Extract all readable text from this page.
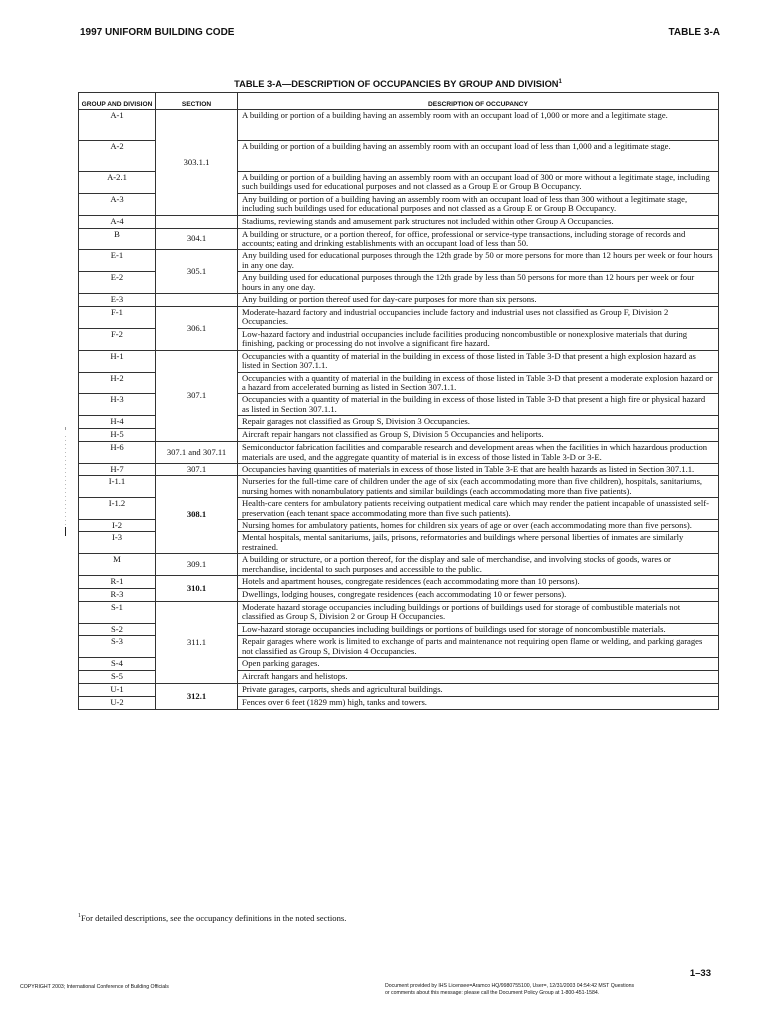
1997 UNIFORM BUILDING CODE	TABLE 3-A
TABLE 3-A—DESCRIPTION OF OCCUPANCIES BY GROUP AND DIVISION$^1$
GROUP AND DIVISION	SECTION	DESCRIPTION OF OCCUPANCY
A-1	303.1.1	A building or portion of a building having an assembly room with an occupant load of 1,000 or more and a legitimate stage.
A-2		A building or portion of a building having an assembly room with an occupant load of less than 1,000 and a legitimate stage.
A-2.1		A building or portion of a building having an assembly room with an occupant load of 300 or more without a legitimate stage, including such buildings used for educational purposes and not classed as a Group E or Group B Occupancy.
A-3		Any building or portion of a building having an assembly room with an occupant load of less than 300 without a legitimate stage, including such buildings used for educational purposes and not classed as a Group E or Group B Occupancy.
A-4		Stadiums, reviewing stands and amusement park structures not included within other Group A Occupancies.
B	304.1	A building or structure, or a portion thereof, for office, professional or service-type transactions, including storage of records and accounts; eating and drinking establishments with an occupant load of less than 50.
E-1	305.1	Any building used for educational purposes through the 12th grade by 50 or more persons for more than 12 hours per week or four hours in any one day.
E-2		Any building used for educational purposes through the 12th grade by less than 50 persons for more than 12 hours per week or four hours in any one day.
E-3		Any building or portion thereof used for day-care purposes for more than six persons.
F-1	306.1	Moderate-hazard factory and industrial occupancies include factory and industrial uses not classified as Group F, Division 2 Occupancies.
F-2		Low-hazard factory and industrial occupancies include facilities producing noncombustible or nonexplosive materials that during finishing, packing or processing do not involve a significant fire hazard.
H-1	307.1	Occupancies with a quantity of material in the building in excess of those listed in Table 3-D that present a high explosion hazard as listed in Section 307.1.1.
H-2		Occupancies with a quantity of material in the building in excess of those listed in Table 3-D that present a moderate explosion hazard or a hazard from accelerated burning as listed in Section 307.1.1.
H-3		Occupancies with a quantity of material in the building in excess of those listed in Table 3-D that present a high fire or physical hazard as listed in Section 307.1.1.
H-4		Repair garages not classified as Group S, Division 3 Occupancies.
H-5		Aircraft repair hangars not classified as Group S, Division 5 Occupancies and heliports.
H-6	307.1 and 307.11	Semiconductor fabrication facilities and comparable research and development areas when the facilities in which hazardous production materials are used, and the aggregate quantity of material is in excess of those listed in Table 3-D or 3-E.
H-7	307.1	Occupancies having quantities of materials in excess of those listed in Table 3-E that are health hazards as listed in Section 307.1.1.
I-1.1	308.1	Nurseries for the full-time care of children under the age of six (each accommodating more than five children), hospitals, sanitariums, nursing homes with nonambulatory patients and similar buildings (each accommodating more than five patients).
I-1.2		Health-care centers for ambulatory patients receiving outpatient medical care which may render the patient incapable of unassisted self-preservation (each tenant space accommodating more than five such patients).
I-2		Nursing homes for ambulatory patients, homes for children six years of age or over (each accommodating more than five persons).
I-3		Mental hospitals, mental sanitariums, jails, prisons, reformatories and buildings where personal liberties of inmates are similarly restrained.
M	309.1	A building or structure, or a portion thereof, for the display and sale of merchandise, and involving stocks of goods, wares or merchandise, incidental to such purposes and accessible to the public.
R-1	310.1	Hotels and apartment houses, congregate residences (each accommodating more than 10 persons).
R-3		Dwellings, lodging houses, congregate residences (each accommodating 10 or fewer persons).
S-1	311.1	Moderate hazard storage occupancies including buildings or portions of buildings used for storage of combustible materials not classified as Group S, Division 2 or Group H Occupancies.
S-2		Low-hazard storage occupancies including buildings or portions of buildings used for storage of noncombustible materials.
S-3		Repair garages where work is limited to exchange of parts and maintenance not requiring open flame or welding, and parking garages not classified as Group S, Division 4 Occupancies.
S-4		Open parking garages.
S-5		Aircraft hangars and helistops.
U-1	312.1	Private garages, carports, sheds and agricultural buildings.
U-2		Fences over 6 feet (1829 mm) high, tanks and towers.
$^1$For detailed descriptions, see the occupancy definitions in the noted sections.
1–33
COPYRIGHT 2003; International Conference of Building Officials	Document provided by IHS Licensee=Aramco HQ/9980755100, User=, 12/31/2003 04:54:42 MST Questions or comments about this message: please call the Document Policy Group at 1-800-451-1584.
